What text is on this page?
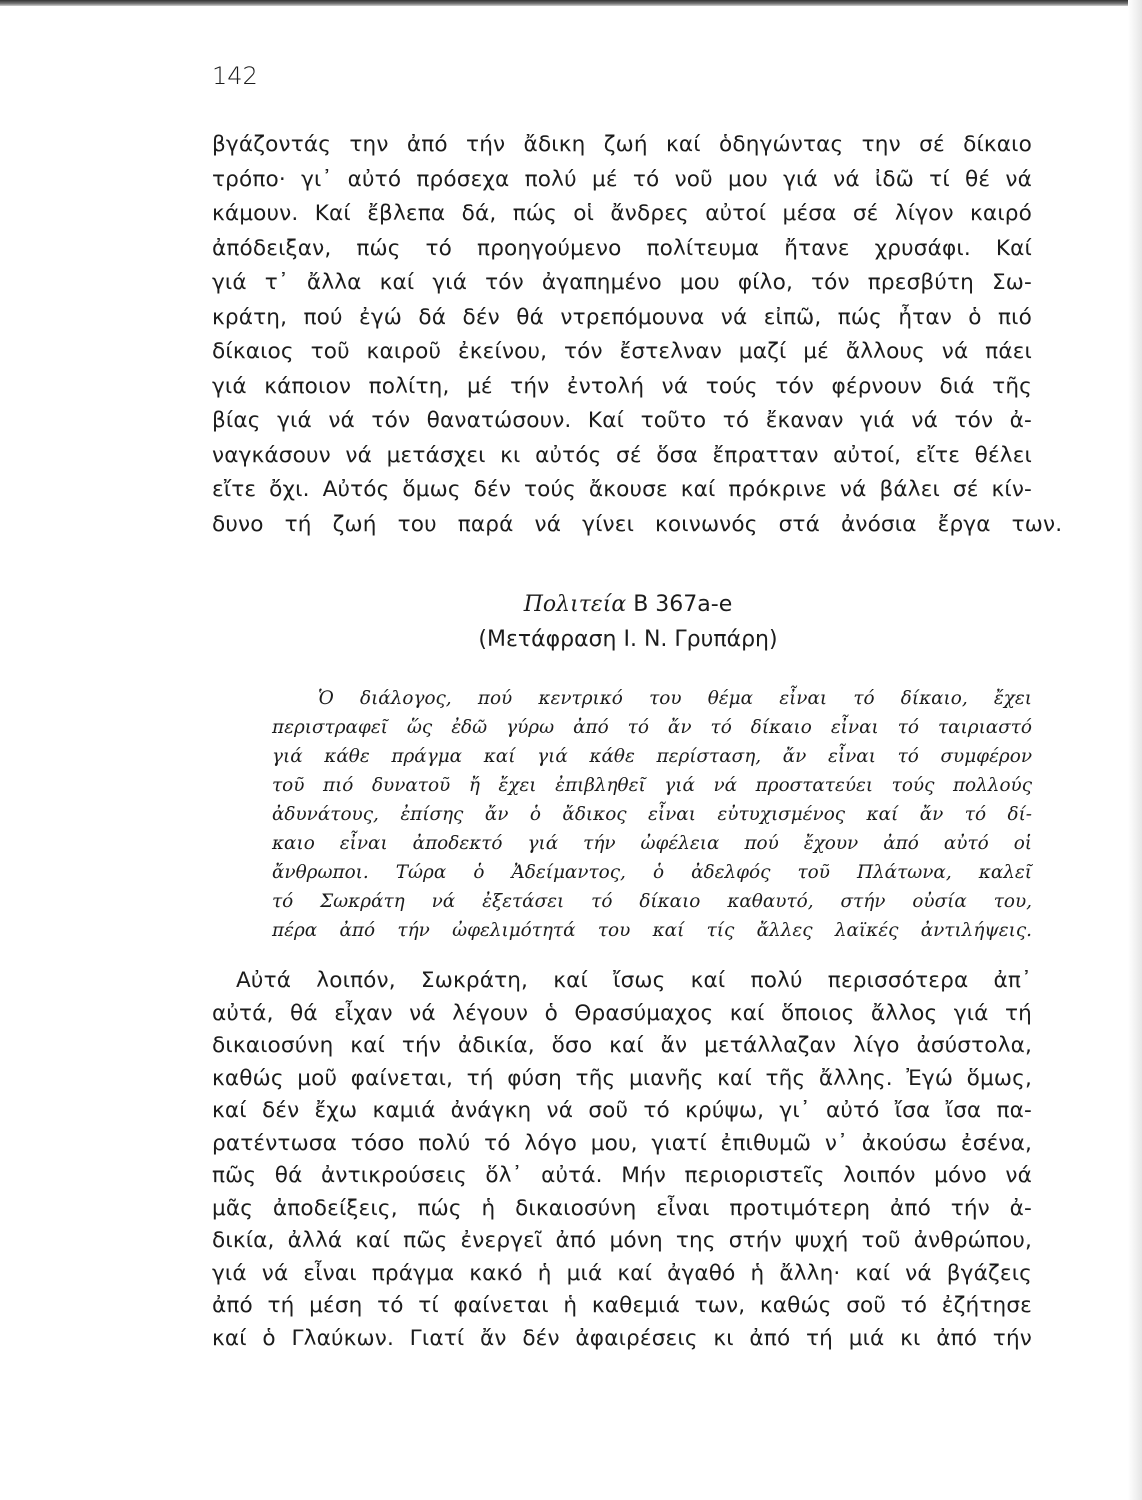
142
βγάζοντάς την ἀπό τήν ἄδικη ζωή καί ὁδηγώντας την σέ δίκαιο
τρόπο· γι᾽ αὐτό πρόσεχα πολύ μέ τό νοῦ μου γιά νά ἰδῶ τί θέ νά
κάμουν. Καί ἔβλεπα δά, πώς οἱ ἄνδρες αὐτοί μέσα σέ λίγον καιρό
ἀπόδειξαν, πώς τό προηγούμενο πολίτευμα ἤτανε χρυσάφι. Καί
γιά τ᾽ ἄλλα καί γιά τόν ἀγαπημένο μου φίλο, τόν πρεσβύτη Σω-
κράτη, πού ἐγώ δά δέν θά ντρεπόμουνα νά εἰπῶ, πώς ἦταν ὁ πιό
δίκαιος τοῦ καιροῦ ἐκείνου, τόν ἔστελναν μαζί μέ ἄλλους νά πάει
γιά κάποιον πολίτη, μέ τήν ἐντολή νά τούς τόν φέρνουν διά τῆς
βίας γιά νά τόν θανατώσουν. Καί τοῦτο τό ἔκαναν γιά νά τόν ἀ-
ναγκάσουν νά μετάσχει κι αὐτός σέ ὅσα ἔπρατταν αὐτοί, εἴτε θέλει
εἴτε ὄχι. Αὐτός ὅμως δέν τούς ἄκουσε καί πρόκρινε νά βάλει σέ κίν-
δυνο τή ζωή του παρά νά γίνει κοινωνός στά ἀνόσια ἔργα των.
Πολιτεία Β 367a-e
(Μετάφραση Ι. Ν. Γρυπάρη)
Ὁ διάλογος, πού κεντρικό του θέμα εἶναι τό δίκαιο, ἔχει
περιστραφεῖ ὥς ἐδῶ γύρω ἀπό τό ἄν τό δίκαιο εἶναι τό ταιριαστό
γιά κάθε πράγμα καί γιά κάθε περίσταση, ἄν εἶναι τό συμφέρον
τοῦ πιό δυνατοῦ ἤ ἔχει ἐπιβληθεῖ γιά νά προστατεύει τούς πολλούς
ἀδυνάτους, ἐπίσης ἄν ὁ ἄδικος εἶναι εὐτυχισμένος καί ἄν τό δί-
καιο εἶναι ἀποδεκτό γιά τήν ὠφέλεια πού ἔχουν ἀπό αὐτό οἱ
ἄνθρωποι. Τώρα ὁ Ἀδείμαντος, ὁ ἀδελφός τοῦ Πλάτωνα, καλεῖ
τό Σωκράτη νά ἐξετάσει τό δίκαιο καθαυτό, στήν οὐσία του,
πέρα ἀπό τήν ὠφελιμότητά του καί τίς ἄλλες λαϊκές ἀντιλήψεις.
Αὐτά λοιπόν, Σωκράτη, καί ἴσως καί πολύ περισσότερα ἀπ᾽
αὐτά, θά εἶχαν νά λέγουν ὁ Θρασύμαχος καί ὅποιος ἄλλος γιά τή
δικαιοσύνη καί τήν ἀδικία, ὅσο καί ἄν μετάλλαζαν λίγο ἀσύστολα,
καθώς μοῦ φαίνεται, τή φύση τῆς μιανῆς καί τῆς ἄλλης. Ἐγώ ὅμως,
καί δέν ἔχω καμιά ἀνάγκη νά σοῦ τό κρύψω, γι᾽ αὐτό ἴσα ἴσα πα-
ρατέντωσα τόσο πολύ τό λόγο μου, γιατί ἐπιθυμῶ ν᾽ ἀκούσω ἐσένα,
πῶς θά ἀντικρούσεις ὅλ᾽ αὐτά. Μήν περιοριστεῖς λοιπόν μόνο νά
μᾶς ἀποδείξεις, πώς ἡ δικαιοσύνη εἶναι προτιμότερη ἀπό τήν ἀ-
δικία, ἀλλά καί πῶς ἐνεργεῖ ἀπό μόνη της στήν ψυχή τοῦ ἀνθρώπου,
γιά νά εἶναι πράγμα κακό ἡ μιά καί ἀγαθό ἡ ἄλλη· καί νά βγάζεις
ἀπό τή μέση τό τί φαίνεται ἡ καθεμιά των, καθώς σοῦ τό ἐζήτησε
καί ὁ Γλαύκων. Γιατί ἄν δέν ἀφαιρέσεις κι ἀπό τή μιά κι ἀπό τήν
